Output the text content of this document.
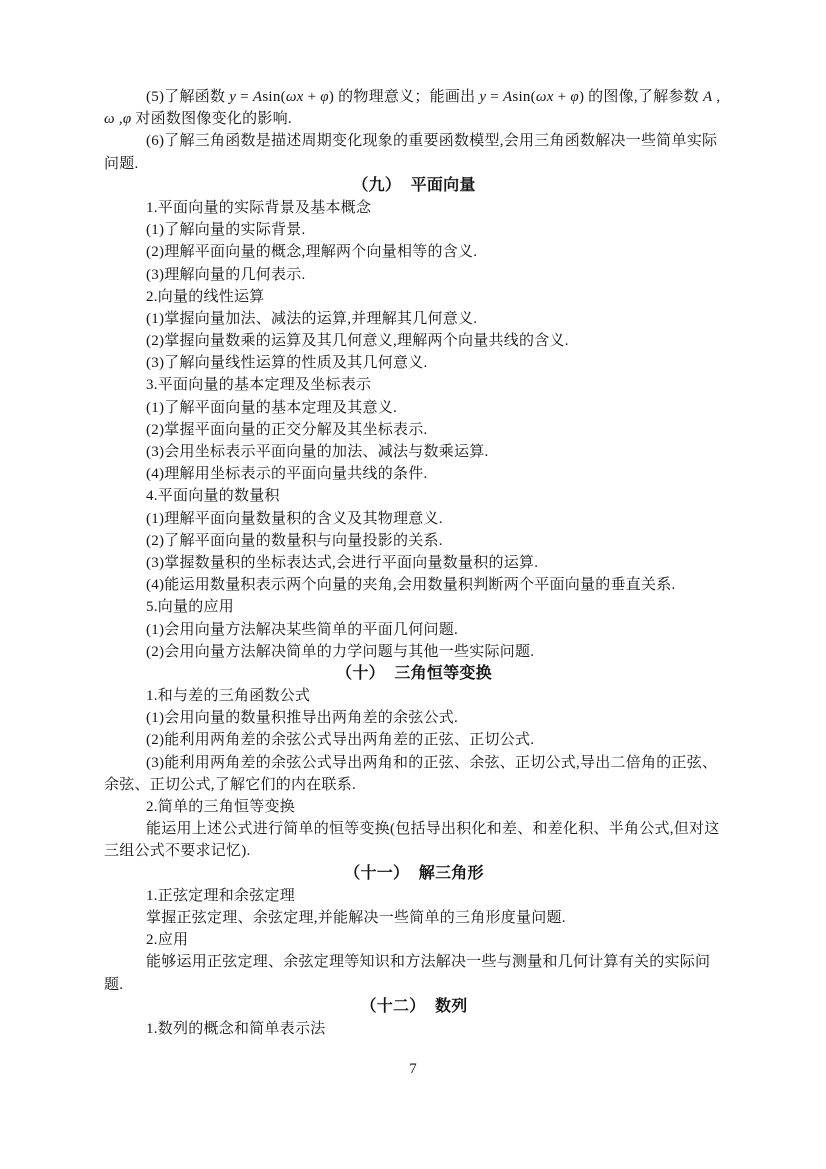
(5)了解函数 y = Asin(ωx + φ) 的物理意义；能画出 y = Asin(ωx + φ) 的图像,了解参数 A ,
ω ,φ 对函数图像变化的影响.
(6)了解三角函数是描述周期变化现象的重要函数模型,会用三角函数解决一些简单实际
问题.
（九）  平面向量
1.平面向量的实际背景及基本概念
(1)了解向量的实际背景.
(2)理解平面向量的概念,理解两个向量相等的含义.
(3)理解向量的几何表示.
2.向量的线性运算
(1)掌握向量加法、减法的运算,并理解其几何意义.
(2)掌握向量数乘的运算及其几何意义,理解两个向量共线的含义.
(3)了解向量线性运算的性质及其几何意义.
3.平面向量的基本定理及坐标表示
(1)了解平面向量的基本定理及其意义.
(2)掌握平面向量的正交分解及其坐标表示.
(3)会用坐标表示平面向量的加法、减法与数乘运算.
(4)理解用坐标表示的平面向量共线的条件.
4.平面向量的数量积
(1)理解平面向量数量积的含义及其物理意义.
(2)了解平面向量的数量积与向量投影的关系.
(3)掌握数量积的坐标表达式,会进行平面向量数量积的运算.
(4)能运用数量积表示两个向量的夹角,会用数量积判断两个平面向量的垂直关系.
5.向量的应用
(1)会用向量方法解决某些简单的平面几何问题.
(2)会用向量方法解决简单的力学问题与其他一些实际问题.
（十）  三角恒等变换
1.和与差的三角函数公式
(1)会用向量的数量积推导出两角差的余弦公式.
(2)能利用两角差的余弦公式导出两角差的正弦、正切公式.
(3)能利用两角差的余弦公式导出两角和的正弦、余弦、正切公式,导出二倍角的正弦、
余弦、正切公式,了解它们的内在联系.
2.简单的三角恒等变换
能运用上述公式进行简单的恒等变换(包括导出积化和差、和差化积、半角公式,但对这
三组公式不要求记忆).
（十一）  解三角形
1.正弦定理和余弦定理
掌握正弦定理、余弦定理,并能解决一些简单的三角形度量问题.
2.应用
能够运用正弦定理、余弦定理等知识和方法解决一些与测量和几何计算有关的实际问
题.
（十二）  数列
1.数列的概念和简单表示法
7
